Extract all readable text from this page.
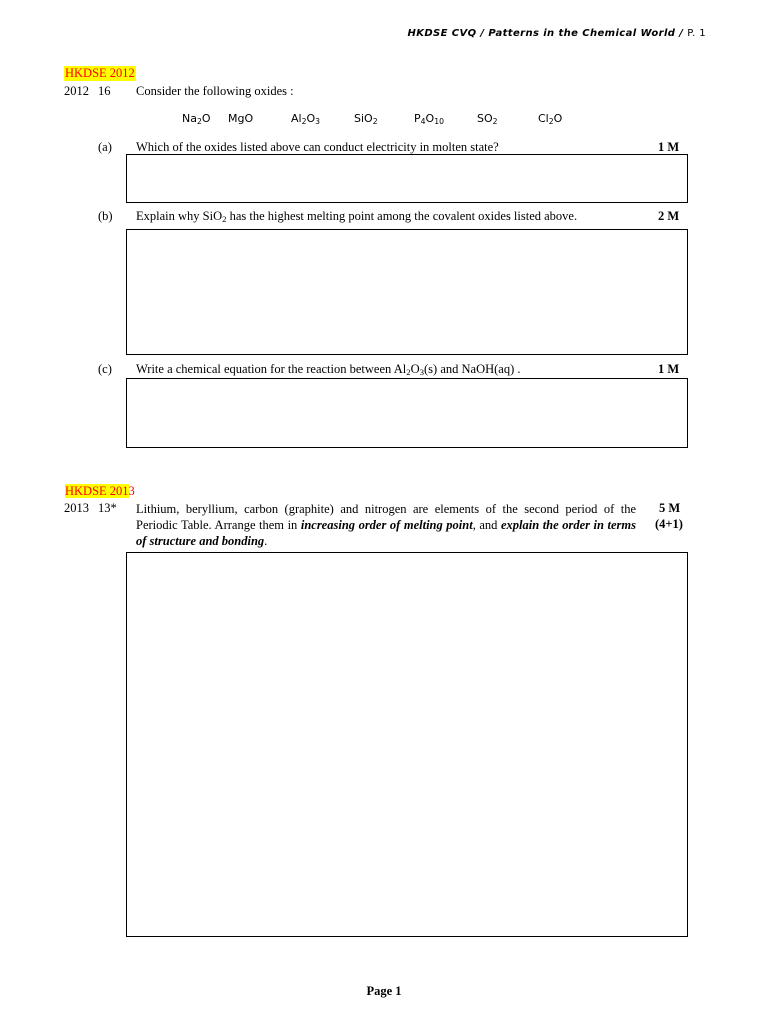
HKDSE CVQ / Patterns in the Chemical World / P. 1
HKDSE 2012
2012 16 Consider the following oxides :
$Na_2O$ MgO	$Al_2O_3$	SiO$_2$	$P_4O_{10}$	$SO_2$	$Cl_2O$
(a) Which of the oxides listed above can conduct electricity in molten state?	1 M
(b) Explain why SiO$_2$ has the highest melting point among the covalent oxides listed above.	2 M
(c) Write a chemical equation for the reaction between $Al_2O_3(s)$ and NaOH(aq) .	1 M
HKDSE 2013
2013 13* Lithium, beryllium, carbon (graphite) and nitrogen are elements of the second period of the Periodic Table. Arrange them in increasing order of melting point, and explain the order in terms of structure and bonding.
5 M
(4+1)
Page 1
